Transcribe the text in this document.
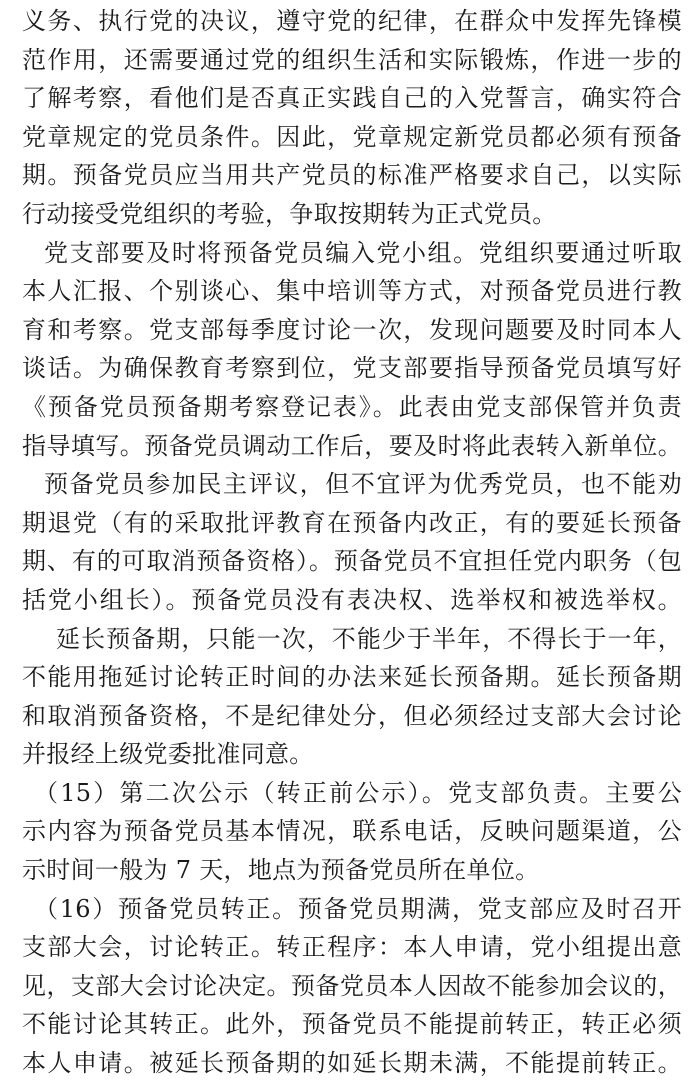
义务、执行党的决议，遵守党的纪律，在群众中发挥先锋模
范作用，还需要通过党的组织生活和实际锻炼，作进一步的
了解考察，看他们是否真正实践自己的入党誓言，确实符合
党章规定的党员条件。因此，党章规定新党员都必须有预备
期。预备党员应当用共产党员的标准严格要求自己，以实际
行动接受党组织的考验，争取按期转为正式党员。
党支部要及时将预备党员编入党小组。党组织要通过听取
本人汇报、个别谈心、集中培训等方式，对预备党员进行教
育和考察。党支部每季度讨论一次，发现问题要及时同本人
谈话。为确保教育考察到位，党支部要指导预备党员填写好
《预备党员预备期考察登记表》。此表由党支部保管并负责
指导填写。预备党员调动工作后，要及时将此表转入新单位。
预备党员参加民主评议，但不宜评为优秀党员，也不能劝
期退党（有的采取批评教育在预备内改正，有的要延长预备
期、有的可取消预备资格）。预备党员不宜担任党内职务（包
括党小组长）。预备党员没有表决权、选举权和被选举权。
延长预备期，只能一次，不能少于半年，不得长于一年，
不能用拖延讨论转正时间的办法来延长预备期。延长预备期
和取消预备资格，不是纪律处分，但必须经过支部大会讨论
并报经上级党委批准同意。
（15）第二次公示（转正前公示）。党支部负责。主要公
示内容为预备党员基本情况，联系电话，反映问题渠道，公
示时间一般为 7 天，地点为预备党员所在单位。
（16）预备党员转正。预备党员期满，党支部应及时召开
支部大会，讨论转正。转正程序：本人申请，党小组提出意
见，支部大会讨论决定。预备党员本人因故不能参加会议的，
不能讨论其转正。此外，预备党员不能提前转正，转正必须
本人申请。被延长预备期的如延长期未满，不能提前转正。
